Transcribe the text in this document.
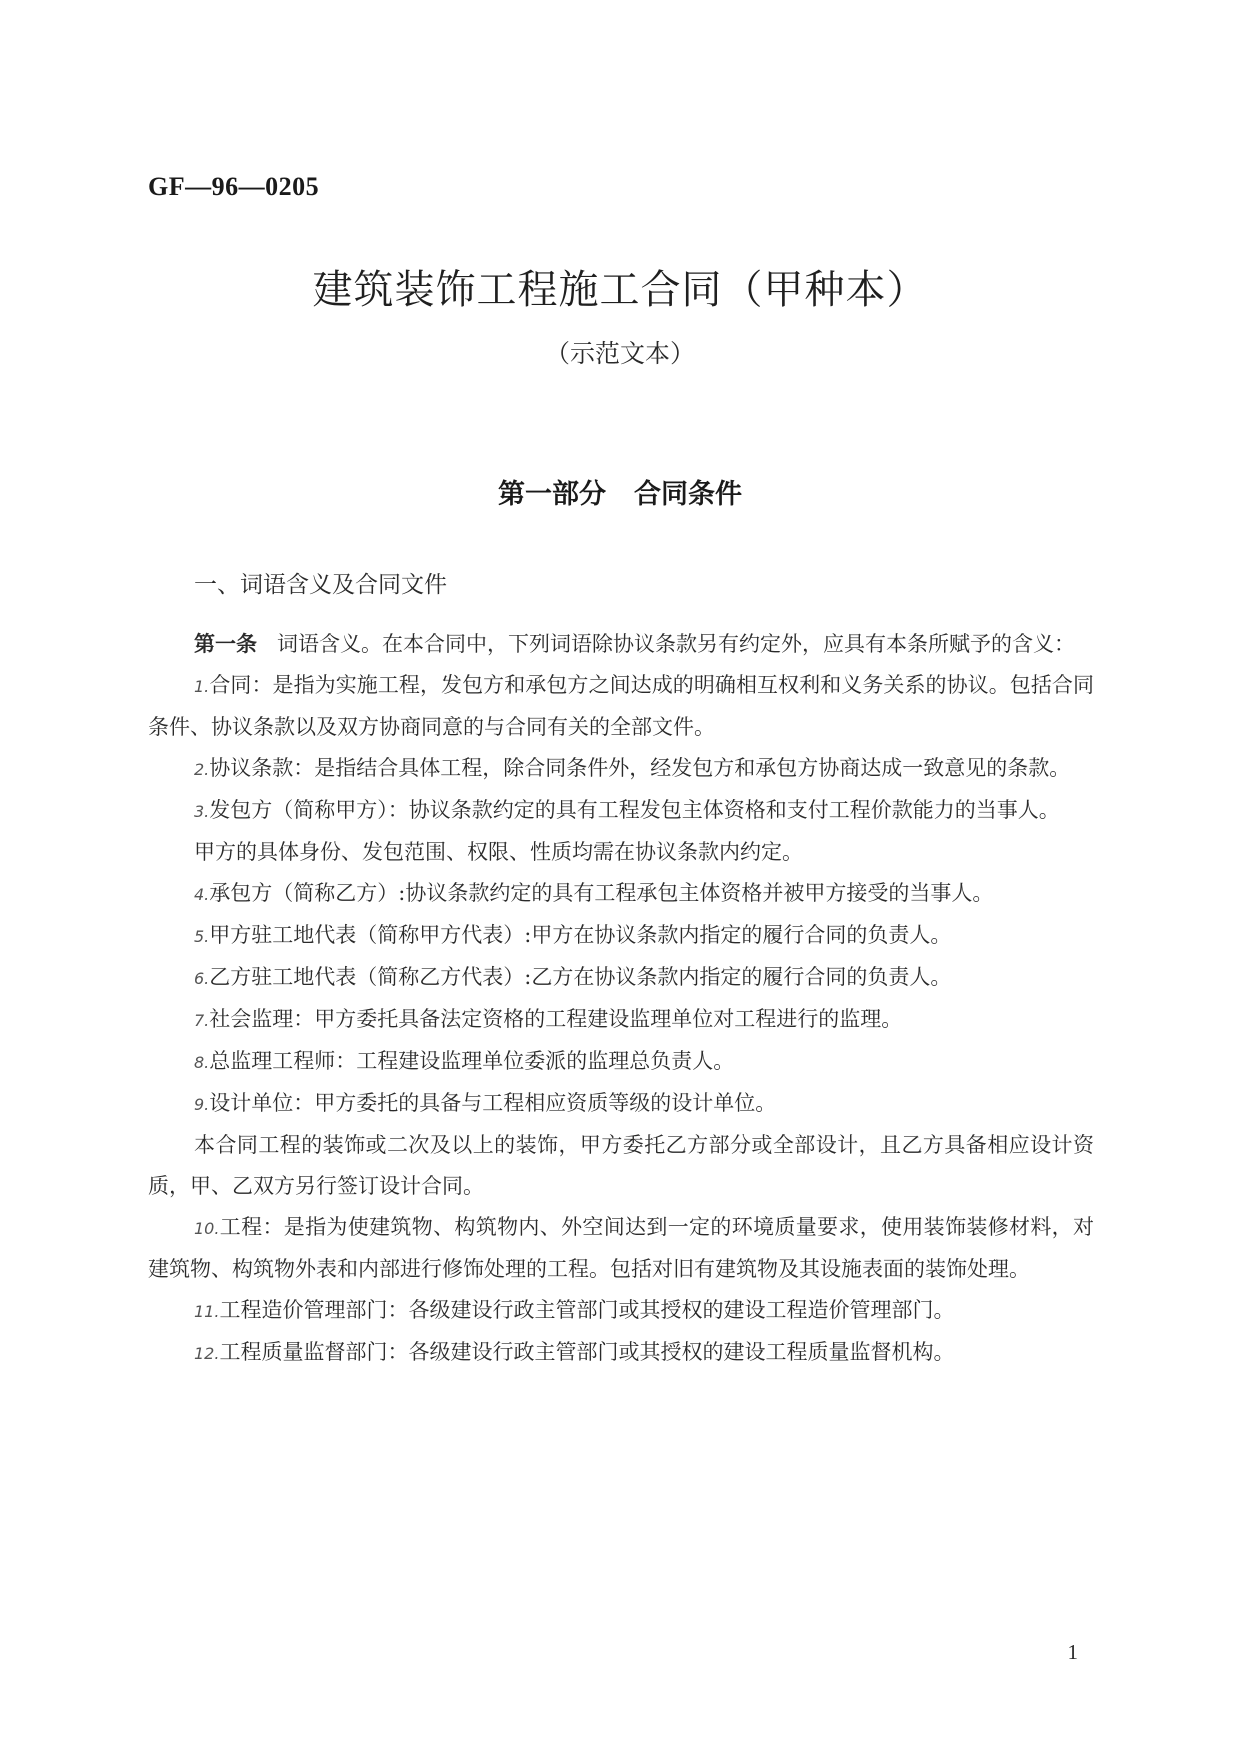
GF—96—0205
建筑装饰工程施工合同（甲种本）
（示范文本）
第一部分 合同条件
一、词语含义及合同文件

第一条 词语含义。在本合同中，下列词语除协议条款另有约定外，应具有本条所赋予的含义：

1.合同：是指为实施工程，发包方和承包方之间达成的明确相互权利和义务关系的协议。包括合同条件、协议条款以及双方协商同意的与合同有关的全部文件。

2.协议条款：是指结合具体工程，除合同条件外，经发包方和承包方协商达成一致意见的条款。

3.发包方（简称甲方）：协议条款约定的具有工程发包主体资格和支付工程价款能力的当事人。

甲方的具体身份、发包范围、权限、性质均需在协议条款内约定。

4.承包方（简称乙方）:协议条款约定的具有工程承包主体资格并被甲方接受的当事人。

5.甲方驻工地代表（简称甲方代表）:甲方在协议条款内指定的履行合同的负责人。

6.乙方驻工地代表（简称乙方代表）:乙方在协议条款内指定的履行合同的负责人。

7.社会监理：甲方委托具备法定资格的工程建设监理单位对工程进行的监理。

8.总监理工程师：工程建设监理单位委派的监理总负责人。

9.设计单位：甲方委托的具备与工程相应资质等级的设计单位。

本合同工程的装饰或二次及以上的装饰，甲方委托乙方部分或全部设计，且乙方具备相应设计资质，甲、乙双方另行签订设计合同。

10.工程：是指为使建筑物、构筑物内、外空间达到一定的环境质量要求，使用装饰装修材料，对建筑物、构筑物外表和内部进行修饰处理的工程。包括对旧有建筑物及其设施表面的装饰处理。

11.工程造价管理部门：各级建设行政主管部门或其授权的建设工程造价管理部门。

12.工程质量监督部门：各级建设行政主管部门或其授权的建设工程质量监督机构。

1
